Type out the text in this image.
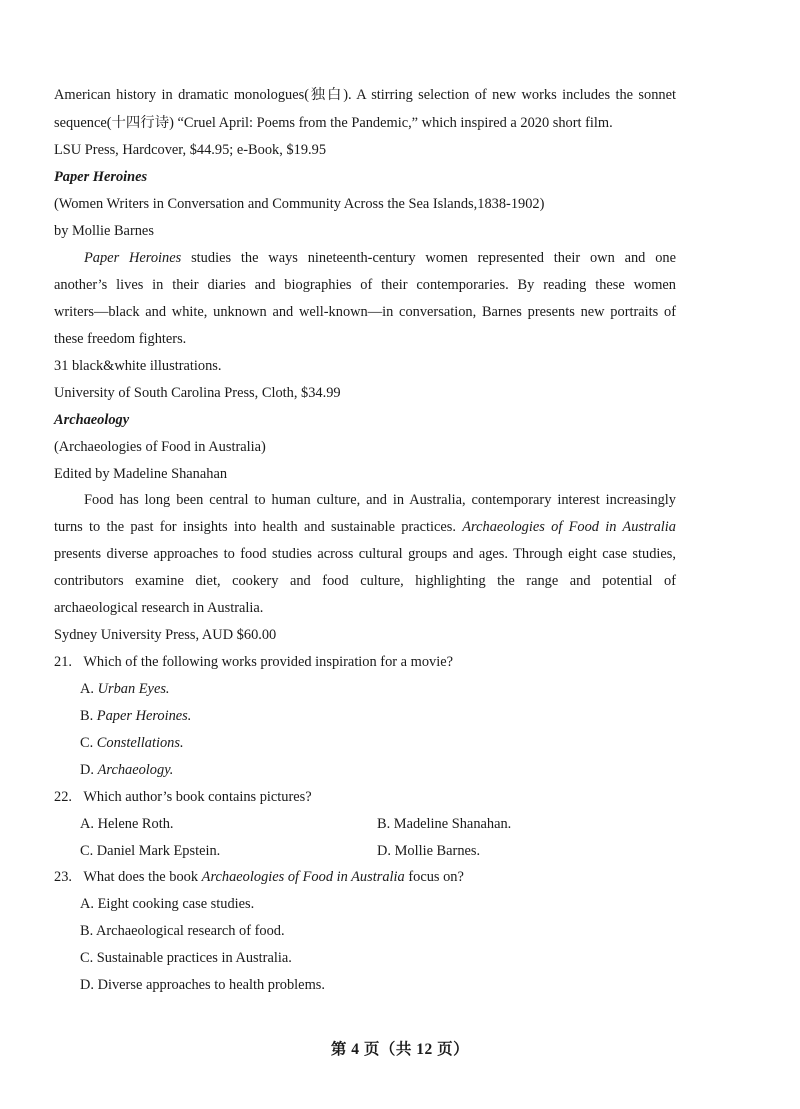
American history in dramatic monologues(独白). A stirring selection of new works includes the sonnet
sequence(十四行诗) “Cruel April: Poems from the Pandemic,” which inspired a 2020 short film.
LSU Press, Hardcover, $44.95; e-Book, $19.95
Paper Heroines
(Women Writers in Conversation and Community Across the Sea Islands,1838-1902)
by Mollie Barnes
Paper Heroines studies the ways nineteenth-century women represented their own and one
another’s lives in their diaries and biographies of their contemporaries. By reading these women
writers—black and white, unknown and well-known—in conversation, Barnes presents new portraits of
these freedom fighters.
31 black&white illustrations.
University of South Carolina Press, Cloth, $34.99
Archaeology
(Archaeologies of Food in Australia)
Edited by Madeline Shanahan
Food has long been central to human culture, and in Australia, contemporary interest increasingly
turns to the past for insights into health and sustainable practices. Archaeologies of Food in Australia
presents diverse approaches to food studies across cultural groups and ages. Through eight case studies,
contributors examine diet, cookery and food culture, highlighting the range and potential of
archaeological research in Australia.
Sydney University Press, AUD $60.00
21. Which of the following works provided inspiration for a movie?
A. Urban Eyes.
B. Paper Heroines.
C. Constellations.
D. Archaeology.
22. Which author’s book contains pictures?
A. Helene Roth.	B. Madeline Shanahan.
C. Daniel Mark Epstein.	D. Mollie Barnes.
23. What does the book Archaeologies of Food in Australia focus on?
A. Eight cooking case studies.
B. Archaeological research of food.
C. Sustainable practices in Australia.
D. Diverse approaches to health problems.
第 4 页（共 12 页）
